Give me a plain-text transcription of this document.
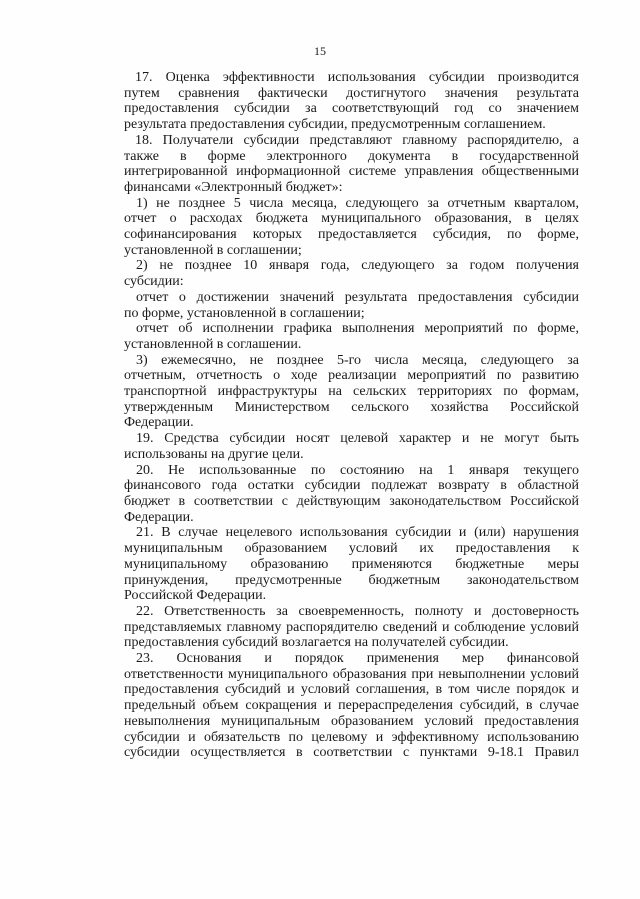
15

17. Оценка эффективности использования субсидии производится

путем сравнения фактически достигнутого значения результата

предоставления субсидии за соответствующий год со значением

результата предоставления субсидии, предусмотренным соглашением.

18. Получатели субсидии представляют главному распорядителю, а

также в форме электронного документа в государственной

интегрированной информационной системе управления общественными

финансами «Электронный бюджет»:

1) не позднее 5 числа месяца, следующего за отчетным кварталом,

отчет о расходах бюджета муниципального образования, в целях

софинансирования которых предоставляется субсидия, по форме,

установленной в соглашении;

2) не позднее 10 января года, следующего за годом получения

субсидии:

отчет о достижении значений результата предоставления субсидии

по форме, установленной в соглашении;

отчет об исполнении графика выполнения мероприятий по форме,

установленной в соглашении.

3) ежемесячно, не позднее 5-го числа месяца, следующего за

отчетным, отчетность о ходе реализации мероприятий по развитию

транспортной инфраструктуры на сельских территориях по формам,

утвержденным Министерством сельского хозяйства Российской

Федерации.

19. Средства субсидии носят целевой характер и не могут быть

использованы на другие цели.

20. Не использованные по состоянию на 1 января текущего

финансового года остатки субсидии подлежат возврату в областной

бюджет в соответствии с действующим законодательством Российской

Федерации.

21. В случае нецелевого использования субсидии и (или) нарушения

муниципальным образованием условий их предоставления к

муниципальному образованию применяются бюджетные меры

принуждения, предусмотренные бюджетным законодательством

Российской Федерации.

22. Ответственность за своевременность, полноту и достоверность

представляемых главному распорядителю сведений и соблюдение условий

предоставления субсидий возлагается на получателей субсидии.

23. Основания и порядок применения мер финансовой

ответственности муниципального образования при невыполнении условий

предоставления субсидий и условий соглашения, в том числе порядок и

предельный объем сокращения и перераспределения субсидий, в случае

невыполнения муниципальным образованием условий предоставления

субсидии и обязательств по целевому и эффективному использованию

субсидии осуществляется в соответствии с пунктами 9-18.1 Правил
